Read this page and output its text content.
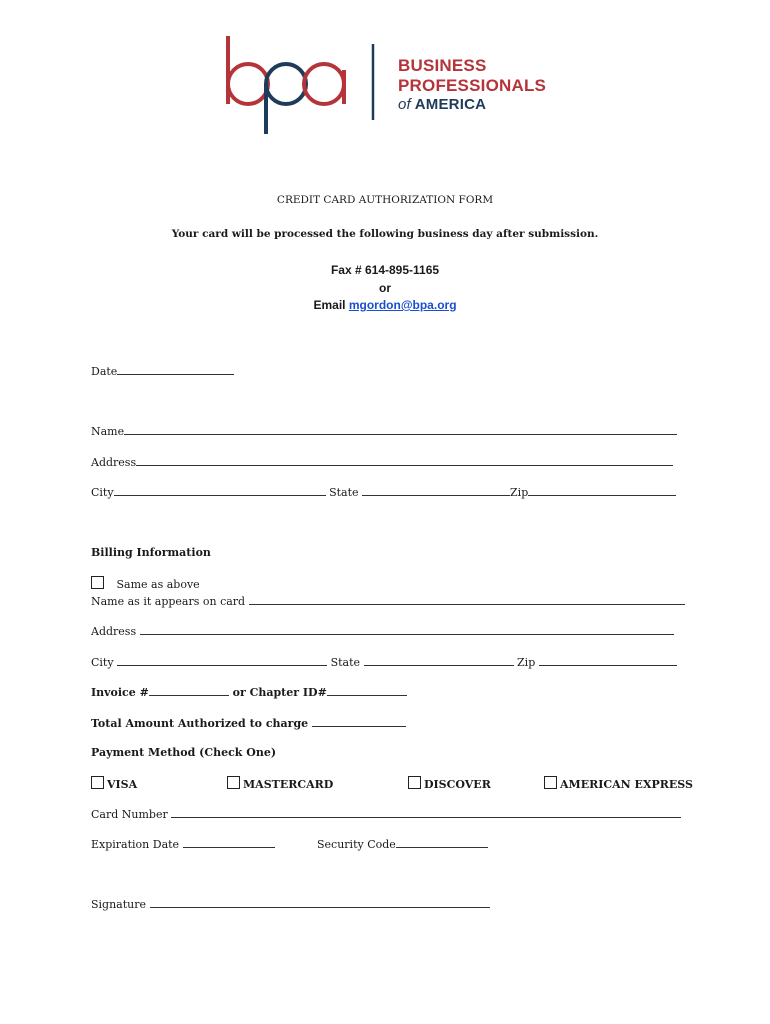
BUSINESS
PROFESSIONALS
of AMERICA
CREDIT CARD AUTHORIZATION FORM
Your card will be processed the following business day after submission.
Fax # 614-895-1165
or
Email mgordon@bpa.org
Date
Name
Address
City	State	Zip
Billing Information
Same as above
Name as it appears on card
Address
City	State	Zip
Invoice #	or Chapter ID#
Total Amount Authorized to charge
Payment Method (Check One)
VISA	MASTERCARD	DISCOVER	AMERICAN EXPRESS
Card Number
Expiration Date	Security Code
Signature
